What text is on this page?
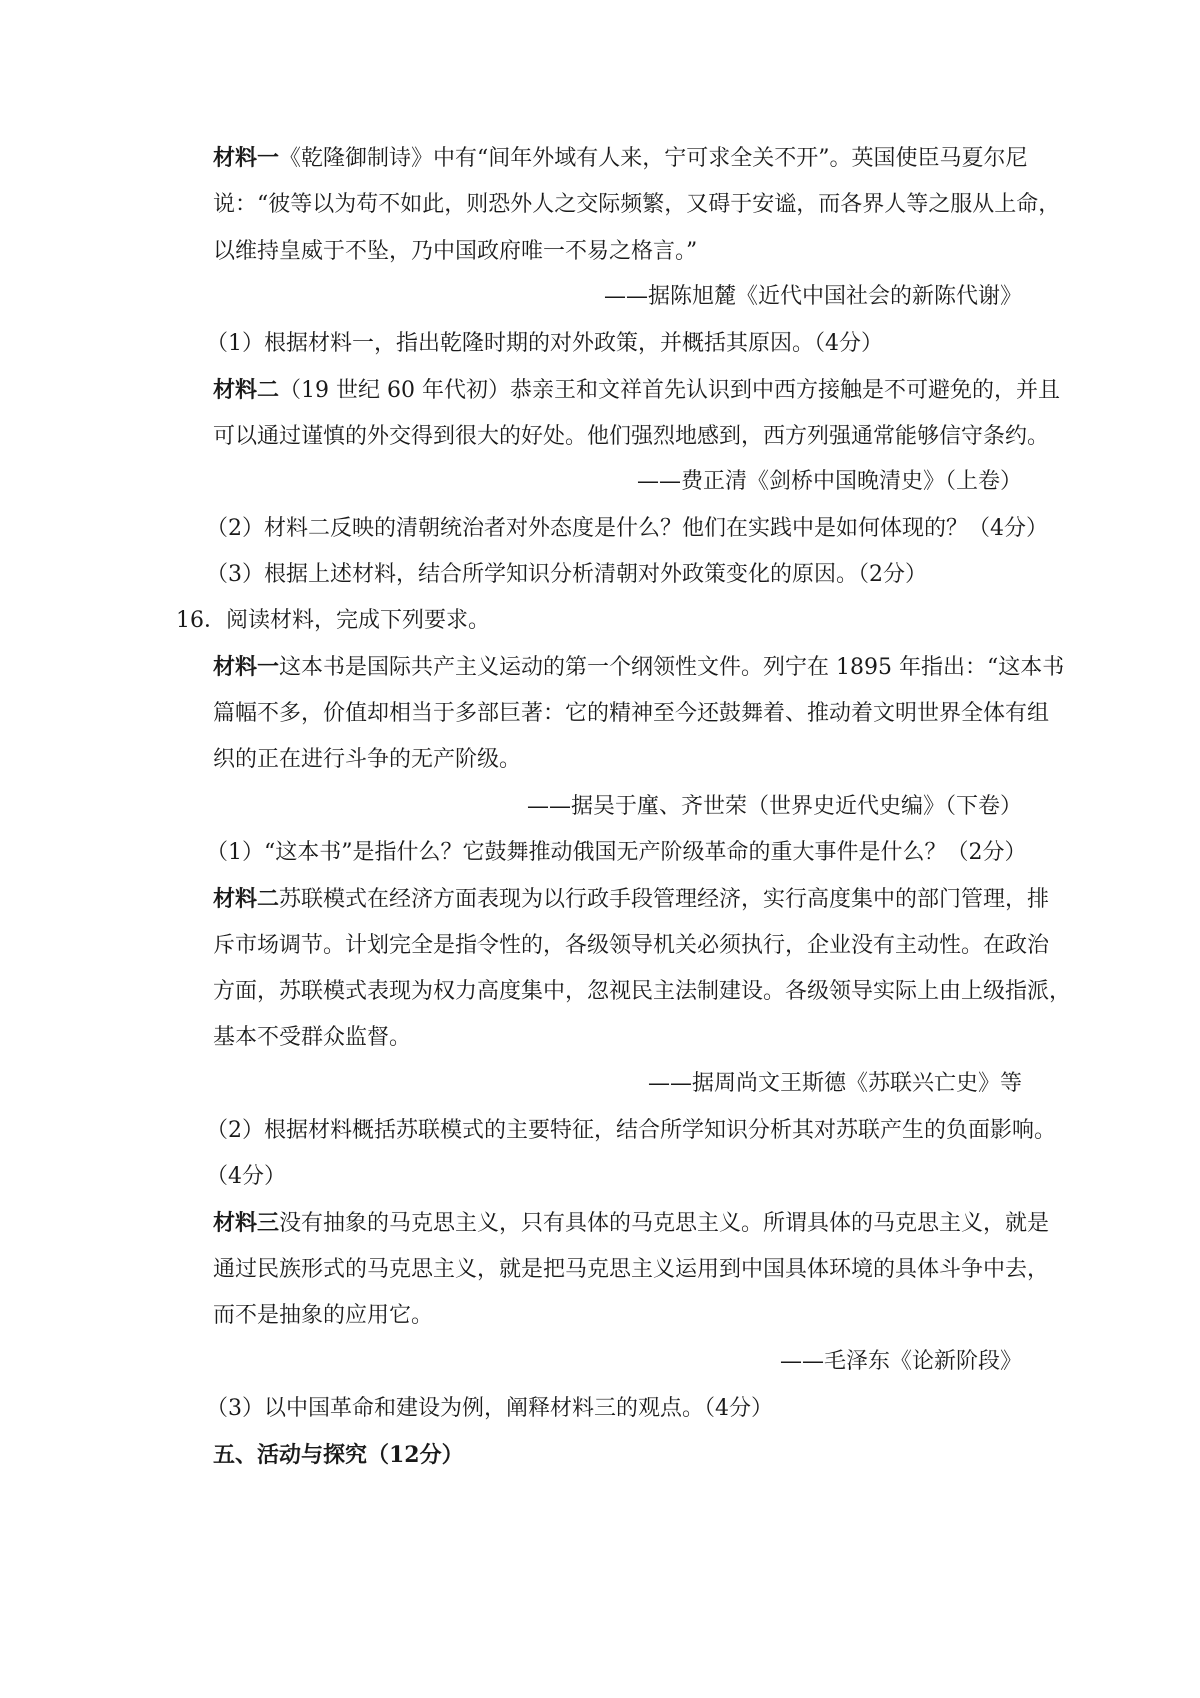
材料一《乾隆御制诗》中有“间年外域有人来，宁可求全关不开”。英国使臣马夏尔尼
说：“彼等以为苟不如此，则恐外人之交际频繁，又碍于安谧，而各界人等之服从上命，
以维持皇威于不坠，乃中国政府唯一不易之格言。”
——据陈旭麓《近代中国社会的新陈代谢》
（1）根据材料一，指出乾隆时期的对外政策，并概括其原因。（4分）
材料二（19 世纪 60 年代初）恭亲王和文祥首先认识到中西方接触是不可避免的，并且
可以通过谨慎的外交得到很大的好处。他们强烈地感到，西方列强通常能够信守条约。
——费正清《剑桥中国晚清史》（上卷）
（2）材料二反映的清朝统治者对外态度是什么？他们在实践中是如何体现的？（4分）
（3）根据上述材料，结合所学知识分析清朝对外政策变化的原因。（2分）
16．阅读材料，完成下列要求。
材料一这本书是国际共产主义运动的第一个纲领性文件。列宁在 1895 年指出：“这本书
篇幅不多，价值却相当于多部巨著：它的精神至今还鼓舞着、推动着文明世界全体有组
织的正在进行斗争的无产阶级。
——据吴于廑、齐世荣（世界史近代史编》（下卷）
（1）“这本书”是指什么？它鼓舞推动俄国无产阶级革命的重大事件是什么？（2分）
材料二苏联模式在经济方面表现为以行政手段管理经济，实行高度集中的部门管理，排
斥市场调节。计划完全是指令性的，各级领导机关必须执行，企业没有主动性。在政治
方面，苏联模式表现为权力高度集中，忽视民主法制建设。各级领导实际上由上级指派，
基本不受群众监督。
——据周尚文王斯德《苏联兴亡史》等
（2）根据材料概括苏联模式的主要特征，结合所学知识分析其对苏联产生的负面影响。
（4分）
材料三没有抽象的马克思主义，只有具体的马克思主义。所谓具体的马克思主义，就是
通过民族形式的马克思主义，就是把马克思主义运用到中国具体环境的具体斗争中去，
而不是抽象的应用它。
——毛泽东《论新阶段》
（3）以中国革命和建设为例，阐释材料三的观点。（4分）
五、活动与探究（12分）
